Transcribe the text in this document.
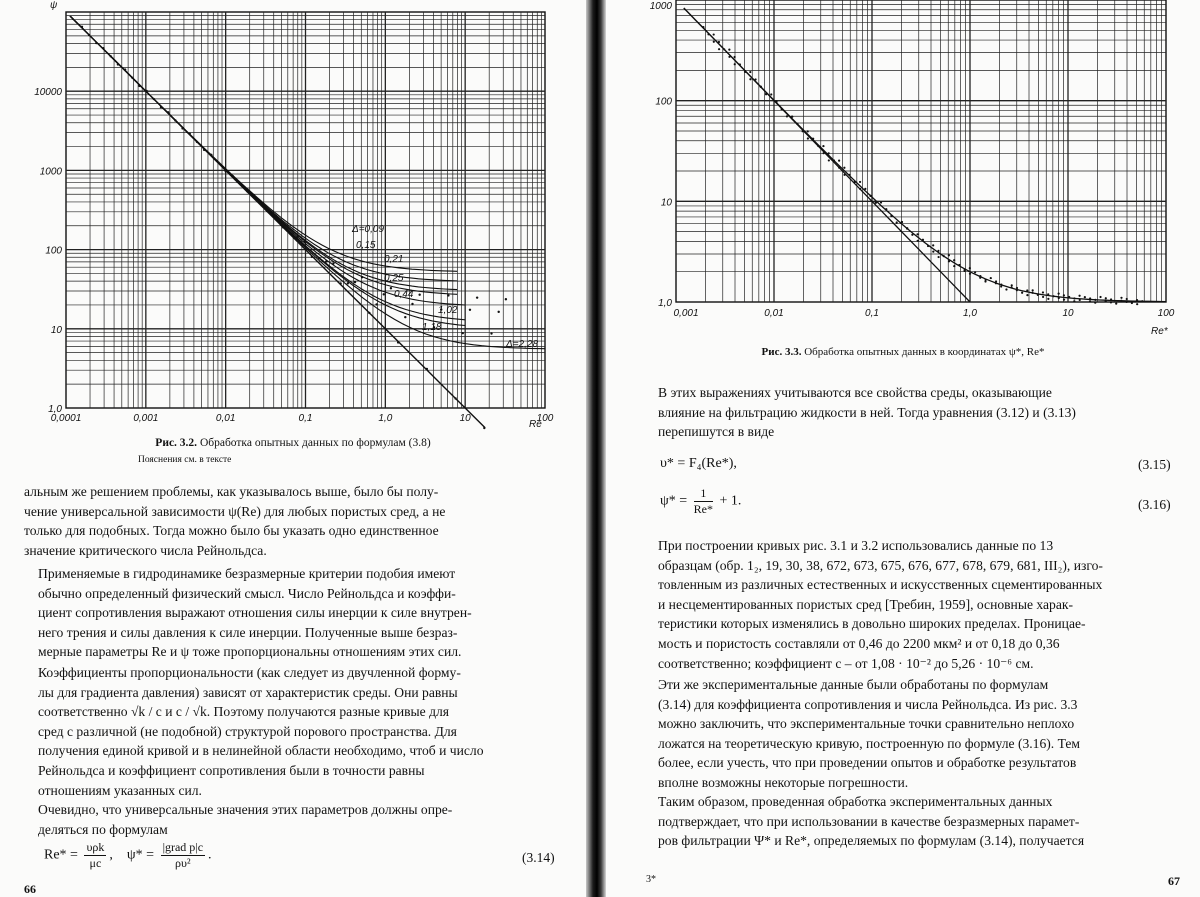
10000
1000
100
10
1,0
0,0001	0,001	0,01	0,1	1,0	10	100
Δ=0,09
0,15
0,21
0,25
0,44
1,02
1,18
Δ=2,28
ψ
Re
Рис. 3.2. Обработка опытных данных по формулам (3.8)
Пояснения см. в тексте
альным же решением проблемы, как указывалось выше, было бы полу-
чение универсальной зависимости ψ(Re) для любых пористых сред, а не
только для подобных. Тогда можно было бы указать одно единственное
значение критического числа Рейнольдса.
Применяемые в гидродинамике безразмерные критерии подобия имеют
обычно определенный физический смысл. Число Рейнольдса и коэффи-
циент сопротивления выражают отношения силы инерции к силе внутрен-
него трения и силы давления к силе инерции. Полученные выше безраз-
мерные параметры Re и ψ тоже пропорциональны отношениям этих сил.
Коэффициенты пропорциональности (как следует из двучленной форму-
лы для градиента давления) зависят от характеристик среды. Они равны
соответственно √k / c и c / √k. Поэтому получаются разные кривые для
сред с различной (не подобной) структурой порового пространства. Для
получения единой кривой и в нелинейной области необходимо, чтоб и число
Рейнольдса и коэффициент сопротивления были в точности равны
отношениям указанных сил.
Очевидно, что универсальные значения этих параметров должны опре-
деляться по формулам
$Re* = \frac{\text{υρk}}{\mu c}$ ,    $\psi* = \frac{\text{|grad p|c}}{\text{ρυ²}}$ .	(3.14)
66
1000
100
10
1,0
0,001	0,01	0,1	1,0	10	100
Re*
Рис. 3.3. Обработка опытных данных в координатах ψ*, Re*
В этих выражениях учитываются все свойства среды, оказывающие
влияние на фильтрацию жидкости в ней. Тогда уравнения (3.12) и (3.13)
перепишутся в виде
υ* = F₄(Re*),	(3.15)
$\psi* = \frac{1}{Re*} + 1$.	(3.16)
При построении кривых рис. 3.1 и 3.2 использовались данные по 13
образцам (обр. 1₂, 19, 30, 38, 672, 673, 675, 676, 677, 678, 679, 681, III₂), изго-
товленным из различных естественных и искусственных сцементированных
и несцементированных пористых сред [Требин, 1959], основные харак-
теристики которых изменялись в довольно широких пределах. Проницае-
мость и пористость составляли от 0,46 до 2200 мкм² и от 0,18 до 0,36
соответственно; коэффициент c – от 1,08 · 10⁻² до 5,26 · 10⁻⁶ см.
Эти же экспериментальные данные были обработаны по формулам
(3.14) для коэффициента сопротивления и числа Рейнольдса. Из рис. 3.3
можно заключить, что экспериментальные точки сравнительно неплохо
ложатся на теоретическую кривую, построенную по формуле (3.16). Тем
более, если учесть, что при проведении опытов и обработке результатов
вполне возможны некоторые погрешности.
Таким образом, проведенная обработка экспериментальных данных
подтверждает, что при использовании в качестве безразмерных парамет-
ров фильтрации Ψ* и Re*, определяемых по формулам (3.14), получается
3*	67
